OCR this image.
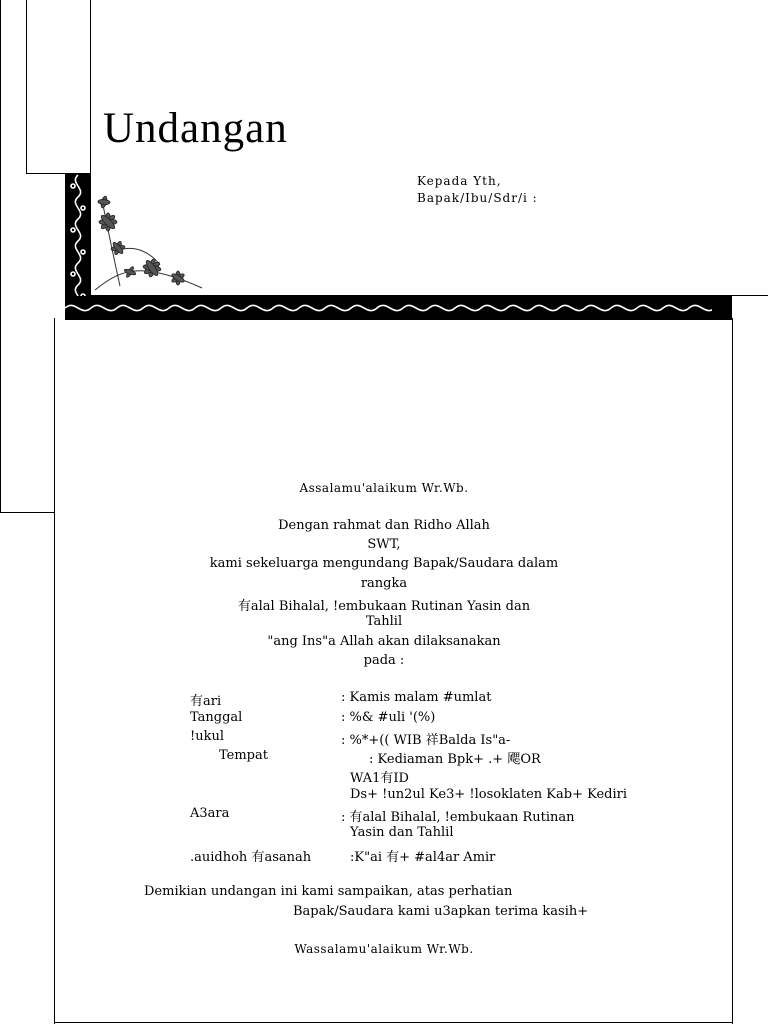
Undangan
Kepada Yth,
Bapak/Ibu/Sdr/i :
Assalamu'alaikum Wr.Wb.
Dengan rahmat dan Ridho Allah
SWT,
kami sekeluarga mengundang Bapak/Saudara dalam
rangka
有alal Bihalal, !embukaan Rutinan Yasin dan
Tahlil
"ang Ins"a Allah akan dilaksanakan
pada :
有ari	: Kamis malam #umlat
Tanggal	: %& #uli '(%)
!ukul	: %*+(( WIB 祥Balda Is"a-
Tempat	: Kediaman Bpk+ .+ 飔OR
WA1有ID
Ds+ !un2ul Ke3+ !losoklaten Kab+ Kediri
A3ara	: 有alal Bihalal, !embukaan Rutinan
Yasin dan Tahlil
.auidhoh 有asanah	:K"ai 有+ #al4ar Amir
Demikian undangan ini kami sampaikan, atas perhatian
Bapak/Saudara kami u3apkan terima kasih+
Wassalamu'alaikum Wr.Wb.
